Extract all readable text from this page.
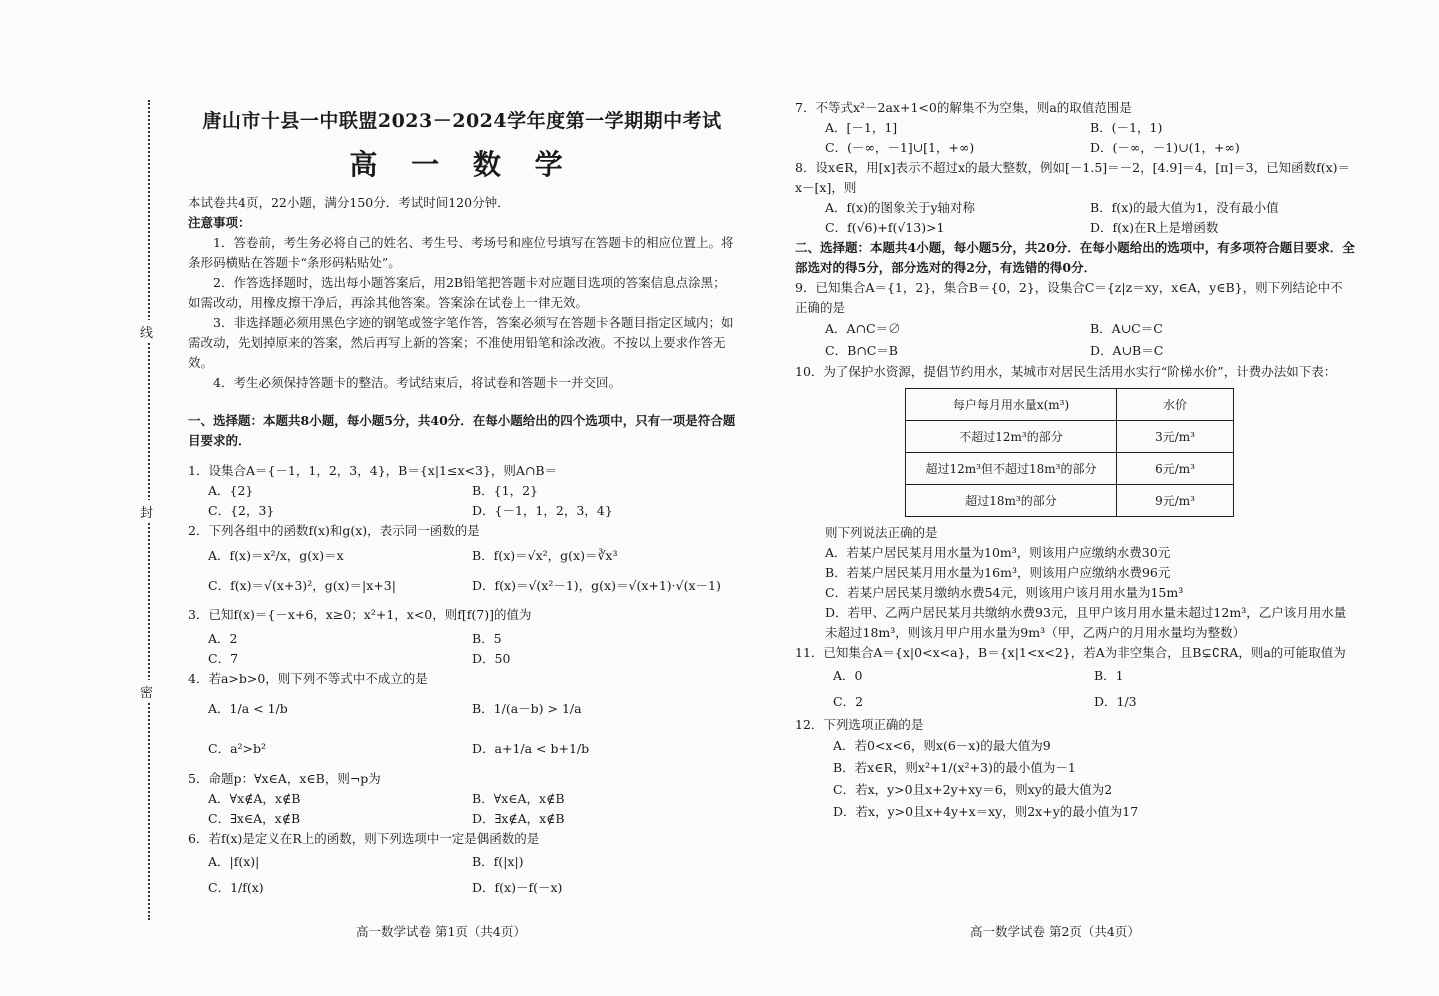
线
封
密
唐山市十县一中联盟2023－2024学年度第一学期期中考试
高 一 数 学

本试卷共4页，22小题，满分150分．考试时间120分钟．

注意事项：

1．答卷前，考生务必将自己的姓名、考生号、考场号和座位号填写在答题卡的相应位置上。将条形码横贴在答题卡“条形码粘贴处”。

2．作答选择题时，选出每小题答案后，用2B铅笔把答题卡对应题目选项的答案信息点涂黑；如需改动，用橡皮擦干净后，再涂其他答案。答案涂在试卷上一律无效。

3．非选择题必须用黑色字迹的钢笔或签字笔作答，答案必须写在答题卡各题目指定区域内；如需改动，先划掉原来的答案，然后再写上新的答案；不准使用铅笔和涂改液。不按以上要求作答无效。

4．考生必须保持答题卡的整洁。考试结束后，将试卷和答题卡一并交回。

一、选择题：本题共8小题，每小题5分，共40分．在每小题给出的四个选项中，只有一项是符合题目要求的．

1．设集合A＝{－1，1，2，3，4}，B＝{x|1≤x<3}，则A∩B＝

A．{2}	B．{1，2}
C．{2，3}	D．{－1，1，2，3，4}

2．下列各组中的函数f(x)和g(x)，表示同一函数的是

A．f(x)＝x²/x，g(x)＝x	B．f(x)＝√x²，g(x)＝∛x³
C．f(x)＝√(x+3)²，g(x)＝|x+3|	D．f(x)＝√(x²－1)，g(x)＝√(x+1)·√(x－1)

3．已知f(x)＝{－x+6，x≥0；x²+1，x<0，则f[f(7)]的值为

A．2	B．5
C．7	D．50

4．若a>b>0，则下列不等式中不成立的是

A．1/a < 1/b	B．1/(a－b) > 1/a
C．a²>b²	D．a+1/a < b+1/b

5．命题p：∀x∈A，x∈B，则¬p为

A．∀x∉A，x∉B	B．∀x∈A，x∉B
C．∃x∈A，x∉B	D．∃x∉A，x∉B

6．若f(x)是定义在R上的函数，则下列选项中一定是偶函数的是

A．|f(x)|	B．f(|x|)
C．1/f(x)	D．f(x)－f(－x)
高一数学试卷 第1页（共4页）

7．不等式x²－2ax+1<0的解集不为空集，则a的取值范围是

A．[－1，1]	B．(－1，1)
C．(－∞，－1]∪[1，+∞)	D．(－∞，－1)∪(1，+∞)

8．设x∈R，用[x]表示不超过x的最大整数，例如[－1.5]＝－2，[4.9]＝4，[π]＝3，已知函数f(x)＝x－[x]，则

A．f(x)的图象关于y轴对称	B．f(x)的最大值为1，没有最小值
C．f(√6)+f(√13)>1	D．f(x)在R上是增函数

二、选择题：本题共4小题，每小题5分，共20分．在每小题给出的选项中，有多项符合题目要求．全部选对的得5分，部分选对的得2分，有选错的得0分．

9．已知集合A＝{1，2}，集合B＝{0，2}，设集合C＝{z|z＝xy，x∈A，y∈B}，则下列结论中不正确的是

A．A∩C＝∅	B．A∪C＝C
C．B∩C＝B	D．A∪B＝C

10．为了保护水资源，提倡节约用水，某城市对居民生活用水实行“阶梯水价”，计费办法如下表：

每户每月用水量x(m³)	水价
不超过12m³的部分	3元/m³
超过12m³但不超过18m³的部分	6元/m³
超过18m³的部分	9元/m³

则下列说法正确的是

A．若某户居民某月用水量为10m³，则该用户应缴纳水费30元

B．若某户居民某月用水量为16m³，则该用户应缴纳水费96元

C．若某户居民某月缴纳水费54元，则该用户该月用水量为15m³

D．若甲、乙两户居民某月共缴纳水费93元，且甲户该月用水量未超过12m³，乙户该月用水量未超过18m³，则该月甲户用水量为9m³（甲，乙两户的月用水量均为整数）

11．已知集合A＝{x|0<x<a}，B＝{x|1<x<2}，若A为非空集合，且B⊊∁RA，则a的可能取值为

A．0	B．1
C．2	D．1/3

12．下列选项正确的是

A．若0<x<6，则x(6－x)的最大值为9

B．若x∈R，则x²+1/(x²+3)的最小值为－1

C．若x，y>0且x+2y+xy＝6，则xy的最大值为2

D．若x，y>0且x+4y+x＝xy，则2x+y的最小值为17

高一数学试卷 第2页（共4页）
